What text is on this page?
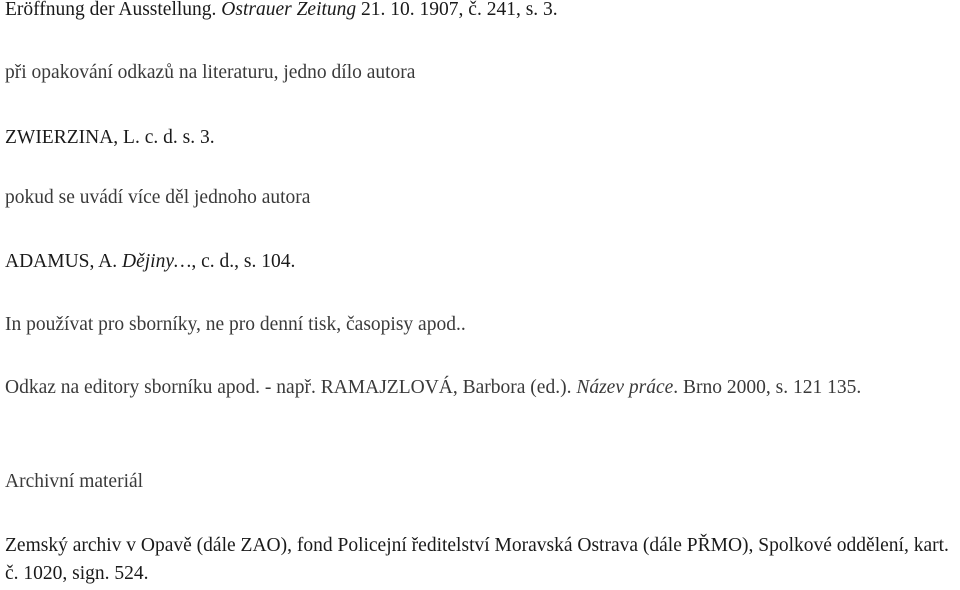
Eröffnung der Ausstellung. Ostrauer Zeitung 21. 10. 1907, č. 241, s. 3.
při opakování odkazů na literaturu, jedno dílo autora
ZWIERZINA, L. c. d. s. 3.
pokud se uvádí více děl jednoho autora
ADAMUS, A. Dějiny…, c. d., s. 104.
In používat pro sborníky, ne pro denní tisk, časopisy apod..
Odkaz na editory sborníku apod. - např. RAMAJZLOVÁ, Barbora (ed.). Název práce. Brno 2000, s. 121 135.
Archivní materiál
Zemský archiv v Opavě (dále ZAO), fond Policejní ředitelství Moravská Ostrava (dále PŘMO), Spolkové oddělení, kart. č. 1020, sign. 524.
